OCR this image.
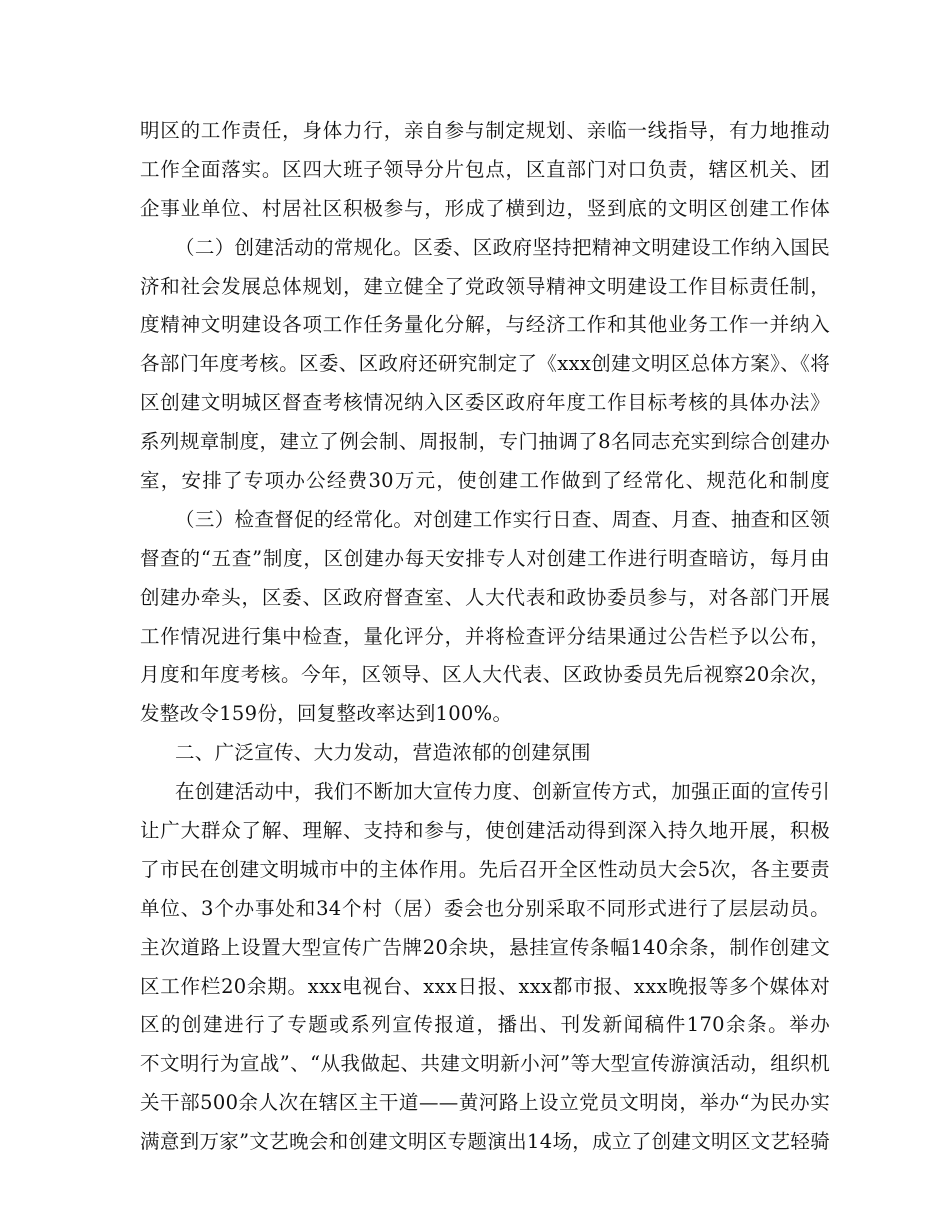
明区的工作责任，身体力行，亲自参与制定规划、亲临一线指导，有力地推动
工作全面落实。区四大班子领导分片包点，区直部门对口负责，辖区机关、团
企事业单位、村居社区积极参与，形成了横到边，竖到底的文明区创建工作体
（二）创建活动的常规化。区委、区政府坚持把精神文明建设工作纳入国民
济和社会发展总体规划，建立健全了党政领导精神文明建设工作目标责任制，
度精神文明建设各项工作任务量化分解，与经济工作和其他业务工作一并纳入
各部门年度考核。区委、区政府还研究制定了《xxx创建文明区总体方案》、《将
区创建文明城区督查考核情况纳入区委区政府年度工作目标考核的具体办法》
系列规章制度，建立了例会制、周报制，专门抽调了8名同志充实到综合创建办
室，安排了专项办公经费30万元，使创建工作做到了经常化、规范化和制度
（三）检查督促的经常化。对创建工作实行日查、周查、月查、抽查和区领
督查的“五查”制度，区创建办每天安排专人对创建工作进行明查暗访，每月由
创建办牵头，区委、区政府督查室、人大代表和政协委员参与，对各部门开展
工作情况进行集中检查，量化评分，并将检查评分结果通过公告栏予以公布，
月度和年度考核。今年，区领导、区人大代表、区政协委员先后视察20余次，
发整改令159份，回复整改率达到100%。
二、广泛宣传、大力发动，营造浓郁的创建氛围
在创建活动中，我们不断加大宣传力度、创新宣传方式，加强正面的宣传引
让广大群众了解、理解、支持和参与，使创建活动得到深入持久地开展，积极
了市民在创建文明城市中的主体作用。先后召开全区性动员大会5次，各主要责
单位、3个办事处和34个村（居）委会也分别采取不同形式进行了层层动员。
主次道路上设置大型宣传广告牌20余块，悬挂宣传条幅140余条，制作创建文
区工作栏20余期。xxx电视台、xxx日报、xxx都市报、xxx晚报等多个媒体对
区的创建进行了专题或系列宣传报道，播出、刊发新闻稿件170余条。举办
不文明行为宣战”、“从我做起、共建文明新小河”等大型宣传游演活动，组织机
关干部500余人次在辖区主干道——黄河路上设立党员文明岗，举办“为民办实
满意到万家”文艺晚会和创建文明区专题演出14场，成立了创建文明区文艺轻骑
